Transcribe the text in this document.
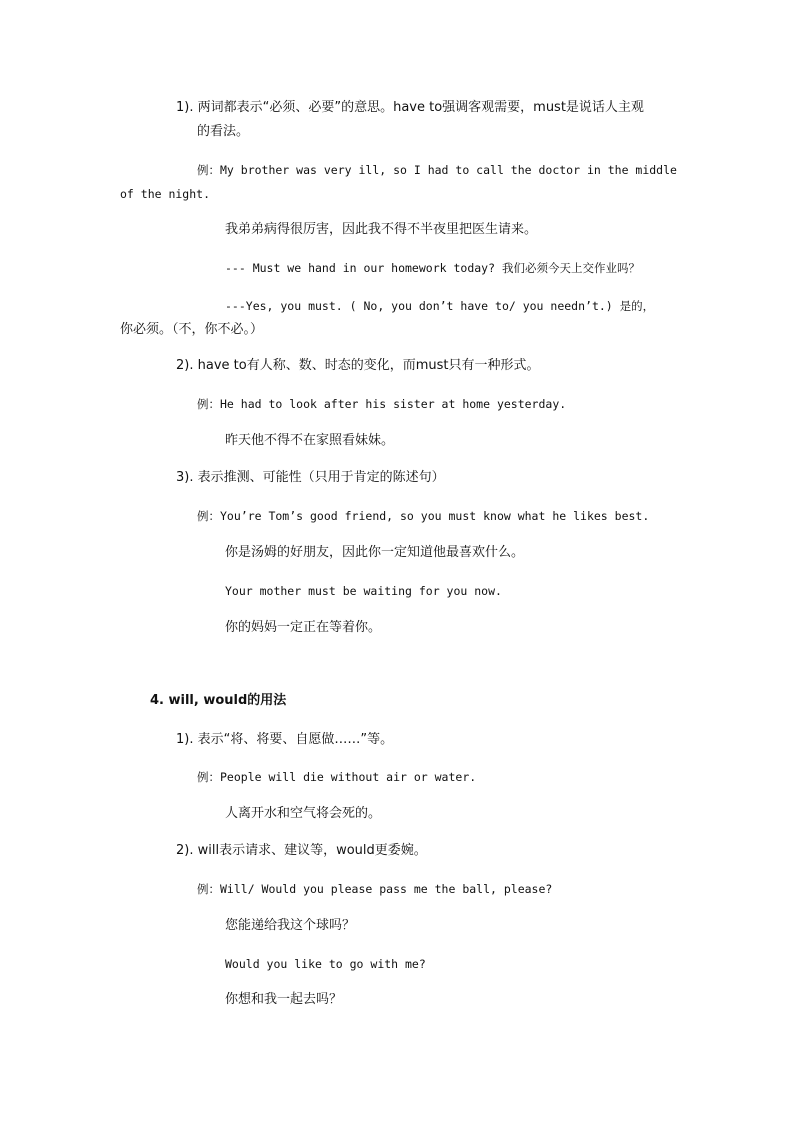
1). 两词都表示“必须、必要”的意思。have to强调客观需要，must是说话人主观
的看法。
例：My brother was very ill, so I had to call the doctor in the middle
of the night.
我弟弟病得很厉害，因此我不得不半夜里把医生请来。
--- Must we hand in our homework today? 我们必须今天上交作业吗？
---Yes, you must. ( No, you don’t have to/ you needn’t.) 是的，
你必须。（不，你不必。）
2). have to有人称、数、时态的变化，而must只有一种形式。
例：He had to look after his sister at home yesterday.
昨天他不得不在家照看妹妹。
3). 表示推测、可能性（只用于肯定的陈述句）
例：You’re Tom’s good friend, so you must know what he likes best.
你是汤姆的好朋友，因此你一定知道他最喜欢什么。
Your mother must be waiting for you now.
你的妈妈一定正在等着你。
4. will, would的用法
1). 表示“将、将要、自愿做……”等。
例：People will die without air or water.
人离开水和空气将会死的。
2). will表示请求、建议等，would更委婉。
例：Will/ Would you please pass me the ball, please?
您能递给我这个球吗？
Would you like to go with me?
你想和我一起去吗？
